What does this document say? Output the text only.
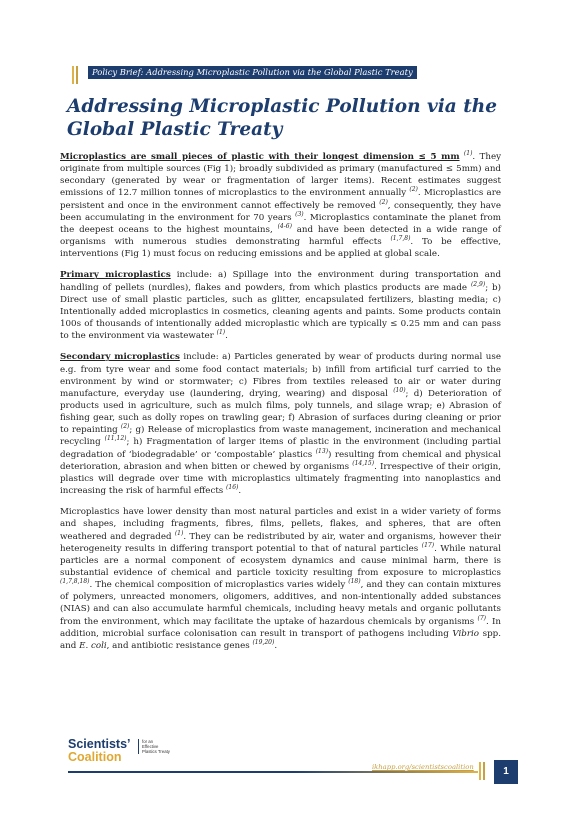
Policy Brief: Addressing Microplastic Pollution via the Global Plastic Treaty
Addressing Microplastic Pollution via the Global Plastic Treaty

Microplastics are small pieces of plastic with their longest dimension ≤ 5 mm $^{(1)}$. They originate from multiple sources (Fig 1); broadly subdivided as primary (manufactured ≤ 5mm) and secondary (generated by wear or fragmentation of larger items). Recent estimates suggest emissions of 12.7 million tonnes of microplastics to the environment annually $^{(2)}$. Microplastics are persistent and once in the environment cannot effectively be removed $^{(2)}$, consequently, they have been accumulating in the environment for 70 years $^{(3)}$. Microplastics contaminate the planet from the deepest oceans to the highest mountains, $^{(4-6)}$ and have been detected in a wide range of organisms with numerous studies demonstrating harmful effects $^{(1,7,8)}$. To be effective, interventions (Fig 1) must focus on reducing emissions and be applied at global scale.

Primary microplastics include: a) Spillage into the environment during transportation and handling of pellets (nurdles), flakes and powders, from which plastics products are made $^{(2,9)}$; b) Direct use of small plastic particles, such as glitter, encapsulated fertilizers, blasting media; c) Intentionally added microplastics in cosmetics, cleaning agents and paints. Some products contain 100s of thousands of intentionally added microplastic which are typically ≤ 0.25 mm and can pass to the environment via wastewater $^{(1)}$.

Secondary microplastics include: a) Particles generated by wear of products during normal use e.g. from tyre wear and some food contact materials; b) infill from artificial turf carried to the environment by wind or stormwater; c) Fibres from textiles released to air or water during manufacture, everyday use (laundering, drying, wearing) and disposal $^{(10)}$; d) Deterioration of products used in agriculture, such as mulch films, poly tunnels, and silage wrap; e) Abrasion of fishing gear, such as dolly ropes on trawling gear; f) Abrasion of surfaces during cleaning or prior to repainting $^{(2)}$; g) Release of microplastics from waste management, incineration and mechanical recycling $^{(11,12)}$; h) Fragmentation of larger items of plastic in the environment (including partial degradation of ‘biodegradable’ or ‘compostable’ plastics $^{(13)}$) resulting from chemical and physical deterioration, abrasion and when bitten or chewed by organisms $^{(14,15)}$. Irrespective of their origin, plastics will degrade over time with microplastics ultimately fragmenting into nanoplastics and increasing the risk of harmful effects $^{(16)}$.

Microplastics have lower density than most natural particles and exist in a wider variety of forms and shapes, including fragments, fibres, films, pellets, flakes, and spheres, that are often weathered and degraded $^{(1)}$. They can be redistributed by air, water and organisms, however their heterogeneity results in differing transport potential to that of natural particles $^{(17)}$. While natural particles are a normal component of ecosystem dynamics and cause minimal harm, there is substantial evidence of chemical and particle toxicity resulting from exposure to microplastics $^{(1,7,8,18)}$. The chemical composition of microplastics varies widely $^{(18)}$, and they can contain mixtures of polymers, unreacted monomers, oligomers, additives, and non-intentionally added substances (NIAS) and can also accumulate harmful chemicals, including heavy metals and organic pollutants from the environment, which may facilitate the uptake of hazardous chemicals by organisms $^{(7)}$. In addition, microbial surface colonisation can result in transport of pathogens including Vibrio spp. and E. coli, and antibiotic resistance genes $^{(19,20)}$.

Scientists’
Coalition
for an Effective Plastics Treaty
ikhapp.org/scientistscoalition	1
